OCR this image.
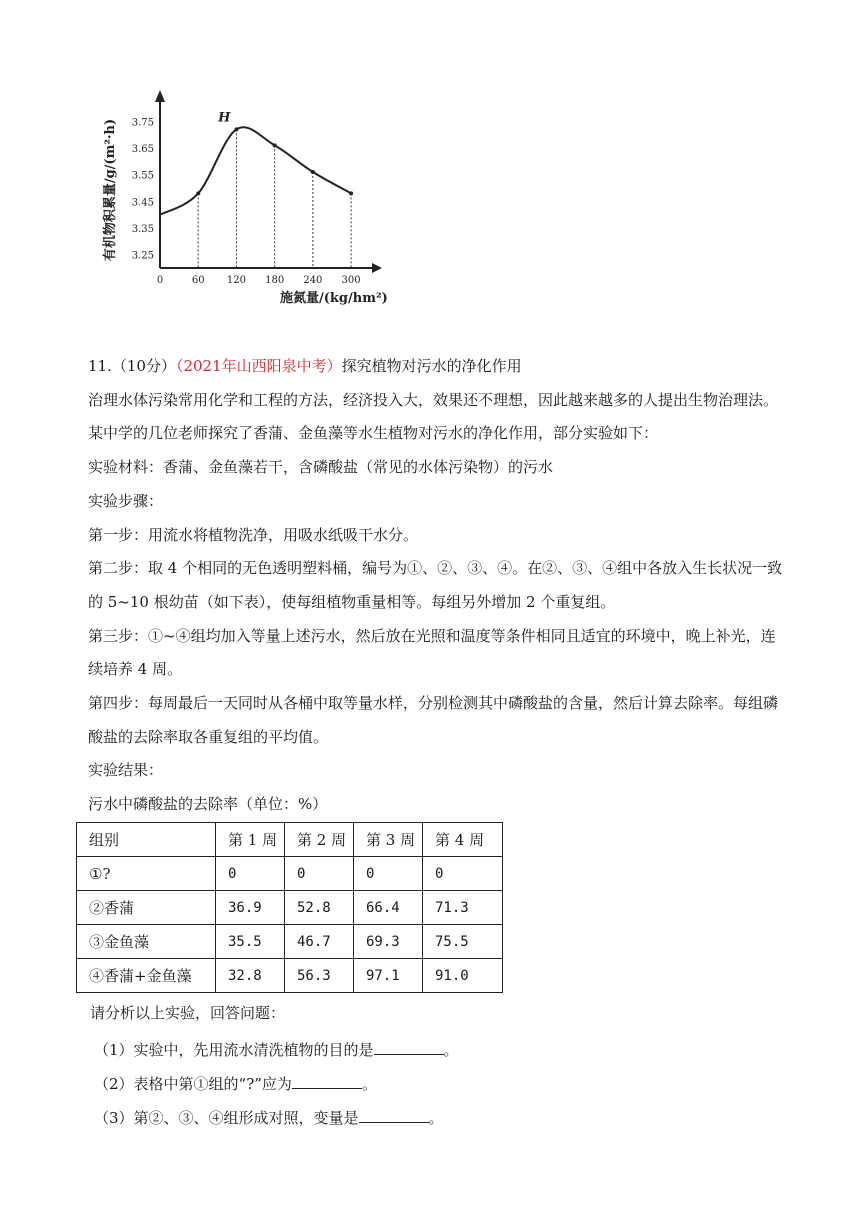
0	60 120 180 240 300
3.25
3.35
3.45
3.55
3.65
3.75	H
施氮量/(kg/hm²)
有机物积累量/g/(m²·h)
11.（10分）（2021年山西阳泉中考）探究植物对污水的净化作用
治理水体污染常用化学和工程的方法，经济投入大，效果还不理想，因此越来越多的人提出生物治理法。
某中学的几位老师探究了香蒲、金鱼藻等水生植物对污水的净化作用，部分实验如下：
实验材料：香蒲、金鱼藻若干，含磷酸盐（常见的水体污染物）的污水
实验步骤：
第一步：用流水将植物洗净，用吸水纸吸干水分。
第二步：取 4 个相同的无色透明塑料桶，编号为①、②、③、④。在②、③、④组中各放入生长状况一致
的 5~10 根幼苗（如下表），使每组植物重量相等。每组另外增加 2 个重复组。
第三步：①~④组均加入等量上述污水，然后放在光照和温度等条件相同且适宜的环境中，晚上补光，连
续培养 4 周。
第四步：每周最后一天同时从各桶中取等量水样，分别检测其中磷酸盐的含量，然后计算去除率。每组磷
酸盐的去除率取各重复组的平均值。
实验结果：
污水中磷酸盐的去除率（单位：%）
组别	第 1 周	第 2 周	第 3 周	第 4 周
①?	0	0	0	0
②香蒲	36.9	52.8	66.4	71.3
③金鱼藻	35.5	46.7	69.3	75.5
④香蒲+金鱼藻	32.8	56.3	97.1	91.0
请分析以上实验，回答问题：
（1）实验中，先用流水清洗植物的目的是	。
（2）表格中第①组的“?”应为	。
（3）第②、③、④组形成对照，变量是	。
